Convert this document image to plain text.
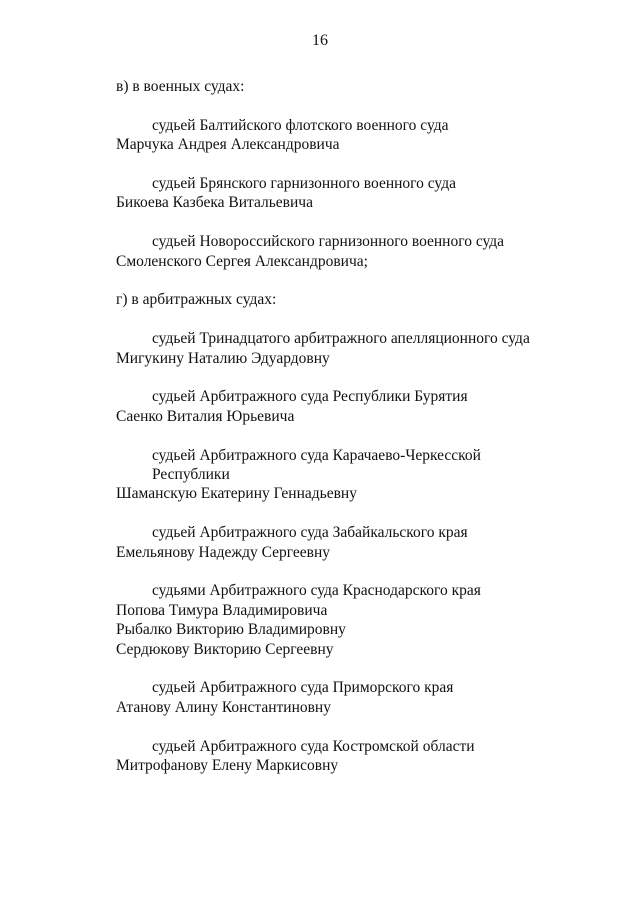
16

в) в военных судах:

судьей Балтийского флотского военного суда
Марчука Андрея Александровича
судьей Брянского гарнизонного военного суда
Бикоева Казбека Витальевича
судьей Новороссийского гарнизонного военного суда
Смоленского Сергея Александровича;

г) в арбитражных судах:

судьей Тринадцатого арбитражного апелляционного суда
Мигукину Наталию Эдуардовну
судьей Арбитражного суда Республики Бурятия
Саенко Виталия Юрьевича
судьей Арбитражного суда Карачаево-Черкесской
Республики
Шаманскую Екатерину Геннадьевну
судьей Арбитражного суда Забайкальского края
Емельянову Надежду Сергеевну
судьями Арбитражного суда Краснодарского края
Попова Тимура Владимировича
Рыбалко Викторию Владимировну
Сердюкову Викторию Сергеевну
судьей Арбитражного суда Приморского края
Атанову Алину Константиновну
судьей Арбитражного суда Костромской области
Митрофанову Елену Маркисовну
